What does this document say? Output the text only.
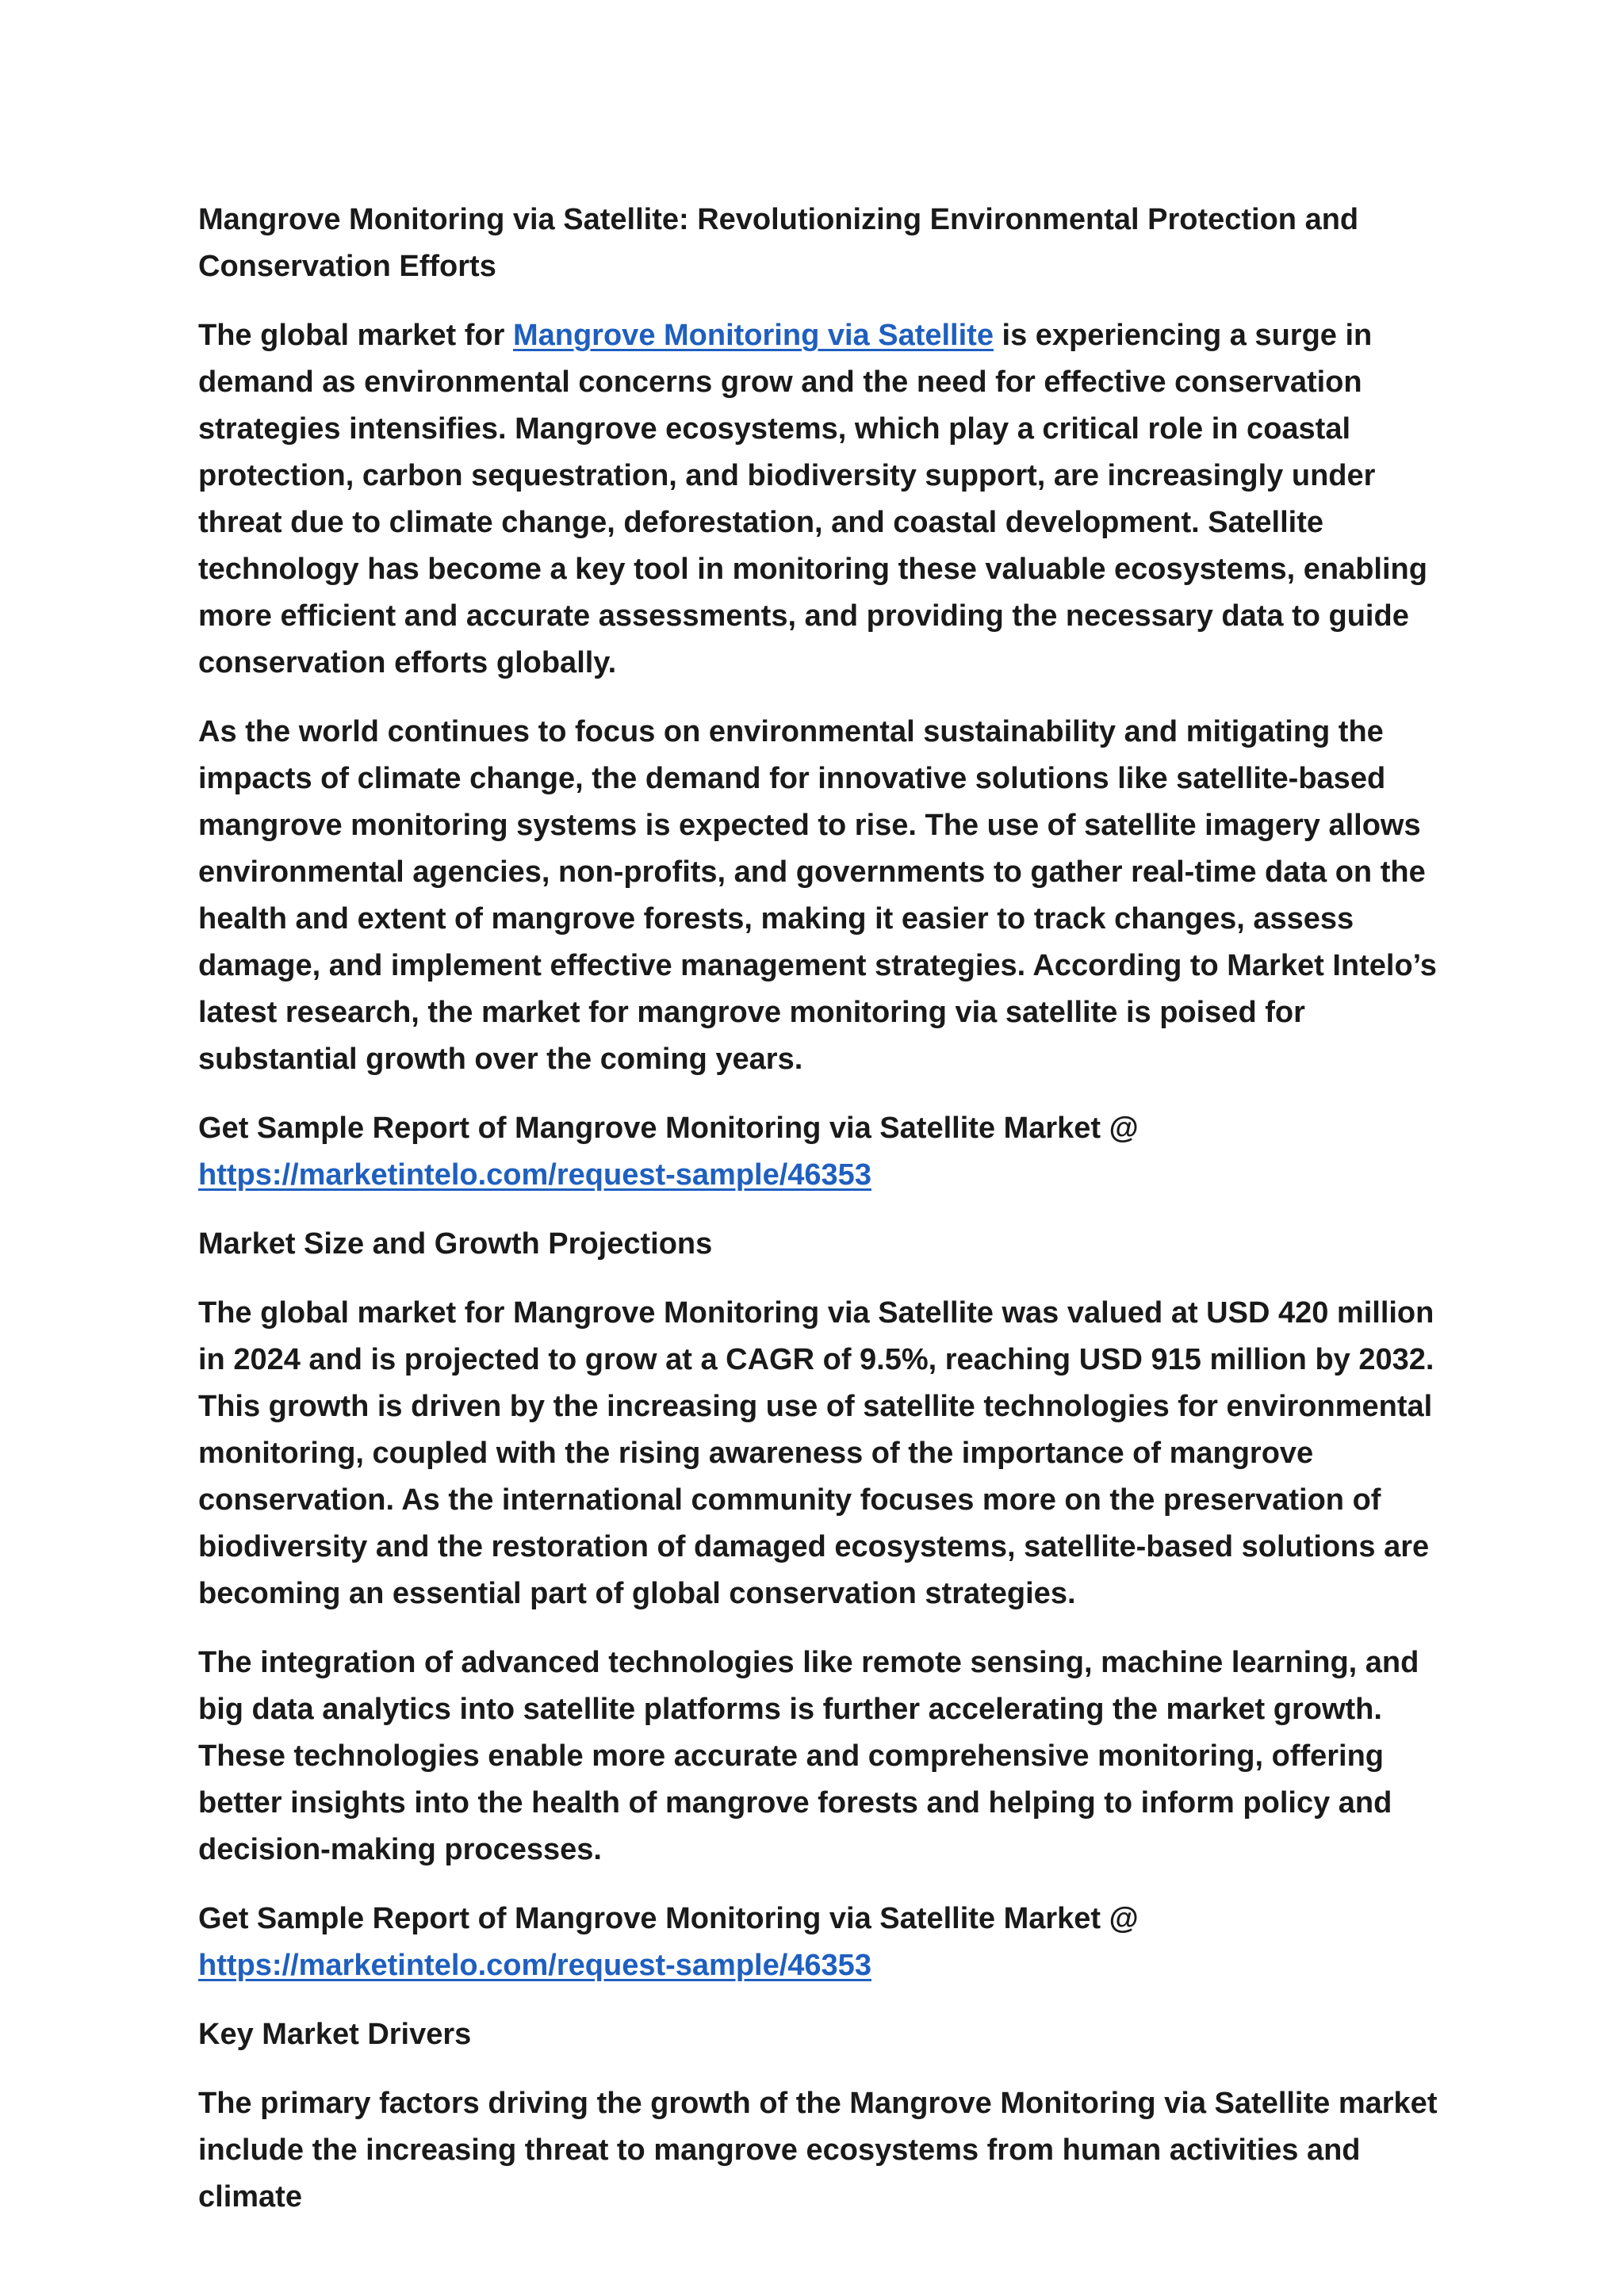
Mangrove Monitoring via Satellite: Revolutionizing Environmental Protection and Conservation Efforts

The global market for Mangrove Monitoring via Satellite is experiencing a surge in demand as environmental concerns grow and the need for effective conservation strategies intensifies. Mangrove ecosystems, which play a critical role in coastal protection, carbon sequestration, and biodiversity support, are increasingly under threat due to climate change, deforestation, and coastal development. Satellite technology has become a key tool in monitoring these valuable ecosystems, enabling more efficient and accurate assessments, and providing the necessary data to guide conservation efforts globally.

As the world continues to focus on environmental sustainability and mitigating the impacts of climate change, the demand for innovative solutions like satellite-based mangrove monitoring systems is expected to rise. The use of satellite imagery allows environmental agencies, non-profits, and governments to gather real-time data on the health and extent of mangrove forests, making it easier to track changes, assess damage, and implement effective management strategies. According to Market Intelo’s latest research, the market for mangrove monitoring via satellite is poised for substantial growth over the coming years.

Get Sample Report of Mangrove Monitoring via Satellite Market @
https://marketintelo.com/request-sample/46353

Market Size and Growth Projections

The global market for Mangrove Monitoring via Satellite was valued at USD 420 million in 2024 and is projected to grow at a CAGR of 9.5%, reaching USD 915 million by 2032. This growth is driven by the increasing use of satellite technologies for environmental monitoring, coupled with the rising awareness of the importance of mangrove conservation. As the international community focuses more on the preservation of biodiversity and the restoration of damaged ecosystems, satellite-based solutions are becoming an essential part of global conservation strategies.

The integration of advanced technologies like remote sensing, machine learning, and big data analytics into satellite platforms is further accelerating the market growth. These technologies enable more accurate and comprehensive monitoring, offering better insights into the health of mangrove forests and helping to inform policy and decision-making processes.

Get Sample Report of Mangrove Monitoring via Satellite Market @
https://marketintelo.com/request-sample/46353

Key Market Drivers

The primary factors driving the growth of the Mangrove Monitoring via Satellite market include the increasing threat to mangrove ecosystems from human activities and climate
